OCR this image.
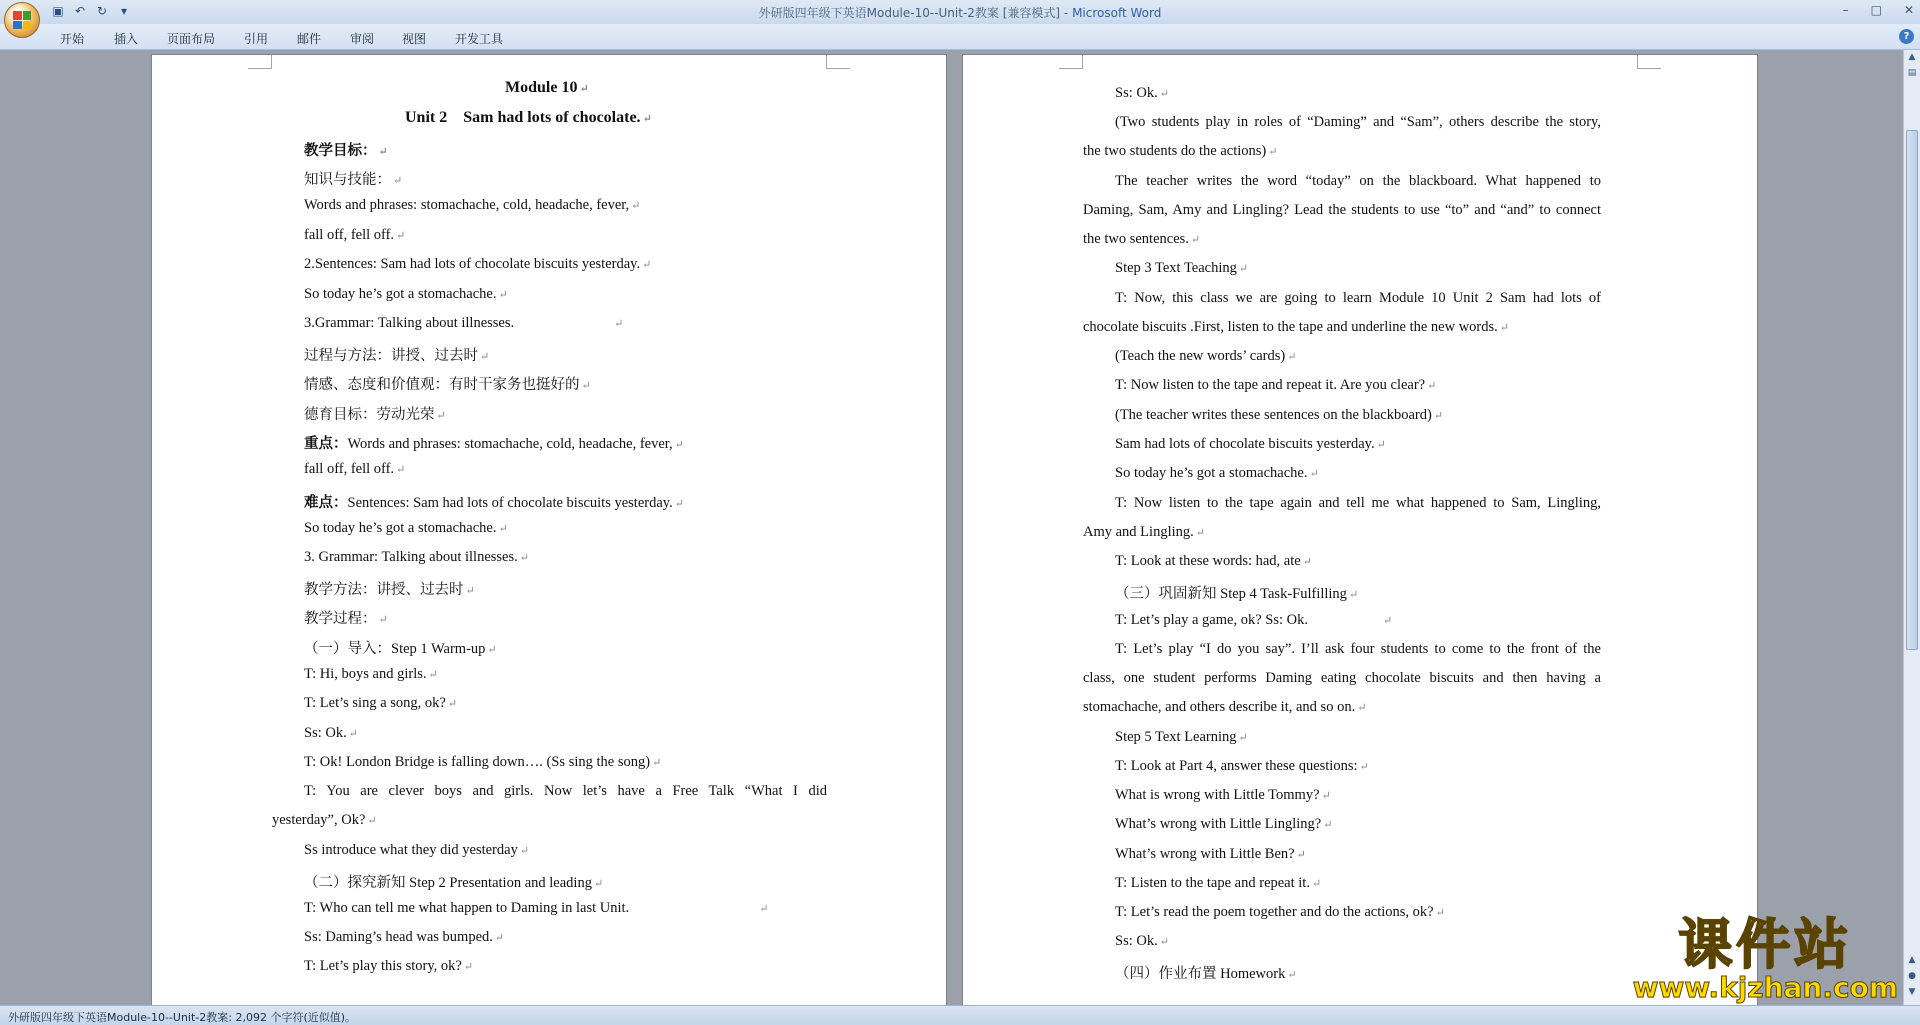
▣ ↶ ↻	▾	外研版四年级下英语Module-10--Unit-2教案 [兼容模式] - Microsoft Word	– □ ✕
开始 插入 页面布局 引用 邮件 审阅 视图 开发工具	?
Module 10 ↵
Unit 2    Sam had lots of chocolate. ↵
教学目标： ↵
知识与技能： ↵
Words and phrases: stomachache, cold, headache, fever, ↵
fall off, fell off. ↵
2.Sentences: Sam had lots of chocolate biscuits yesterday. ↵
So today he’s got a stomachache. ↵
3.Grammar: Talking about illnesses.	↵
过程与方法：讲授、过去时 ↵
情感、态度和价值观：有时干家务也挺好的 ↵
德育目标：劳动光荣 ↵
重点：Words and phrases: stomachache, cold, headache, fever, ↵
fall off, fell off. ↵
难点：Sentences: Sam had lots of chocolate biscuits yesterday. ↵
So today he’s got a stomachache. ↵
3. Grammar: Talking about illnesses. ↵
教学方法：讲授、过去时 ↵
教学过程： ↵
（一）导入：Step 1 Warm-up ↵
T: Hi, boys and girls. ↵
T: Let’s sing a song, ok? ↵
Ss: Ok. ↵
T: Ok! London Bridge is falling down…. (Ss sing the song) ↵
T: You are clever boys and girls. Now let’s have a Free Talk “What I did
yesterday”, Ok? ↵
Ss introduce what they did yesterday ↵
（二）探究新知 Step 2 Presentation and leading ↵
T: Who can tell me what happen to Daming in last Unit.	↵
Ss: Daming’s head was bumped. ↵
T: Let’s play this story, ok? ↵
Ss: Ok. ↵
(Two students play in roles of “Daming” and “Sam”, others describe the story,
the two students do the actions) ↵
The teacher writes the word “today” on the blackboard. What happened to
Daming, Sam, Amy and Lingling? Lead the students to use “to” and “and” to connect
the two sentences. ↵
Step 3 Text Teaching ↵
T: Now, this class we are going to learn Module 10 Unit 2 Sam had lots of
chocolate biscuits .First, listen to the tape and underline the new words. ↵
(Teach the new words’ cards) ↵
T: Now listen to the tape and repeat it. Are you clear? ↵
(The teacher writes these sentences on the blackboard) ↵
Sam had lots of chocolate biscuits yesterday. ↵
So today he’s got a stomachache. ↵
T: Now listen to the tape again and tell me what happened to Sam, Lingling,
Amy and Lingling. ↵
T: Look at these words: had, ate ↵
（三）巩固新知 Step 4 Task-Fulfilling ↵
T: Let’s play a game, ok? Ss: Ok.	↵
T: Let’s play “I do you say”. I’ll ask four students to come to the front of the
class, one student performs Daming eating chocolate biscuits and then having a
stomachache, and others describe it, and so on. ↵
Step 5 Text Learning ↵
T: Look at Part 4, answer these questions: ↵
What is wrong with Little Tommy? ↵
What’s wrong with Little Lingling? ↵
What’s wrong with Little Ben? ↵
T: Listen to the tape and repeat it. ↵
T: Let’s read the poem together and do the actions, ok? ↵
Ss: Ok. ↵
（四）作业布置 Homework ↵
▲
▤
▲
●
▼
外研版四年级下英语Module-10--Unit-2教案: 2,092 个字符(近似值)。
课件站
www.kjzhan.com
